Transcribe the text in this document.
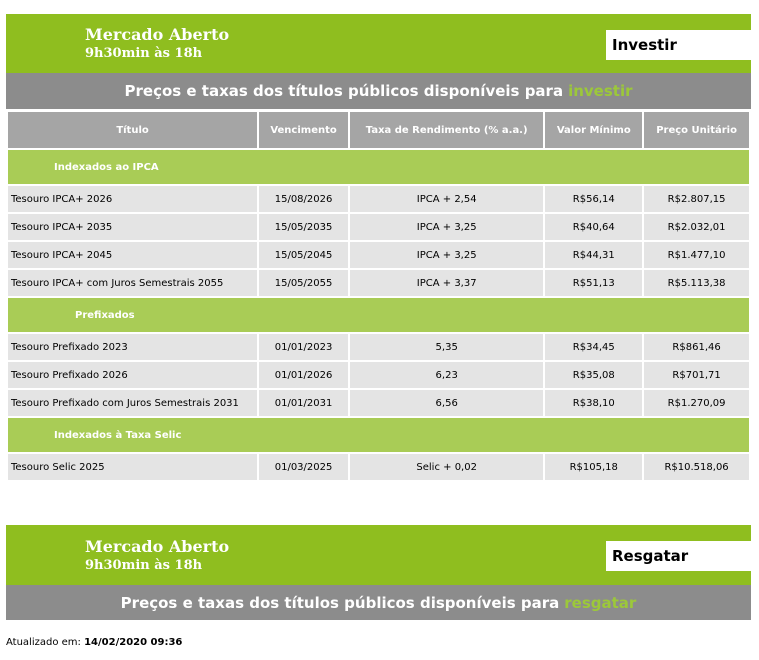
Mercado Aberto
9h30min às 18h	Investir
Preços e taxas dos títulos públicos disponíveis para investir
Título	Vencimento	Taxa de Rendimento (% a.a.)	Valor Mínimo	Preço Unitário
Indexados ao IPCA				
Tesouro IPCA+ 2026	15/08/2026	IPCA + 2,54	R$56,14	R$2.807,15
Tesouro IPCA+ 2035	15/05/2035	IPCA + 3,25	R$40,64	R$2.032,01
Tesouro IPCA+ 2045	15/05/2045	IPCA + 3,25	R$44,31	R$1.477,10
Tesouro IPCA+ com Juros Semestrais 2055	15/05/2055	IPCA + 3,37	R$51,13	R$5.113,38
Prefixados				
Tesouro Prefixado 2023	01/01/2023	5,35	R$34,45	R$861,46
Tesouro Prefixado 2026	01/01/2026	6,23	R$35,08	R$701,71
Tesouro Prefixado com Juros Semestrais 2031	01/01/2031	6,56	R$38,10	R$1.270,09
Indexados à Taxa Selic				
Tesouro Selic 2025	01/03/2025	Selic + 0,02	R$105,18	R$10.518,06
Mercado Aberto
9h30min às 18h
Resgatar
Preços e taxas dos títulos públicos disponíveis para resgatar
Atualizado em: 14/02/2020 09:36
